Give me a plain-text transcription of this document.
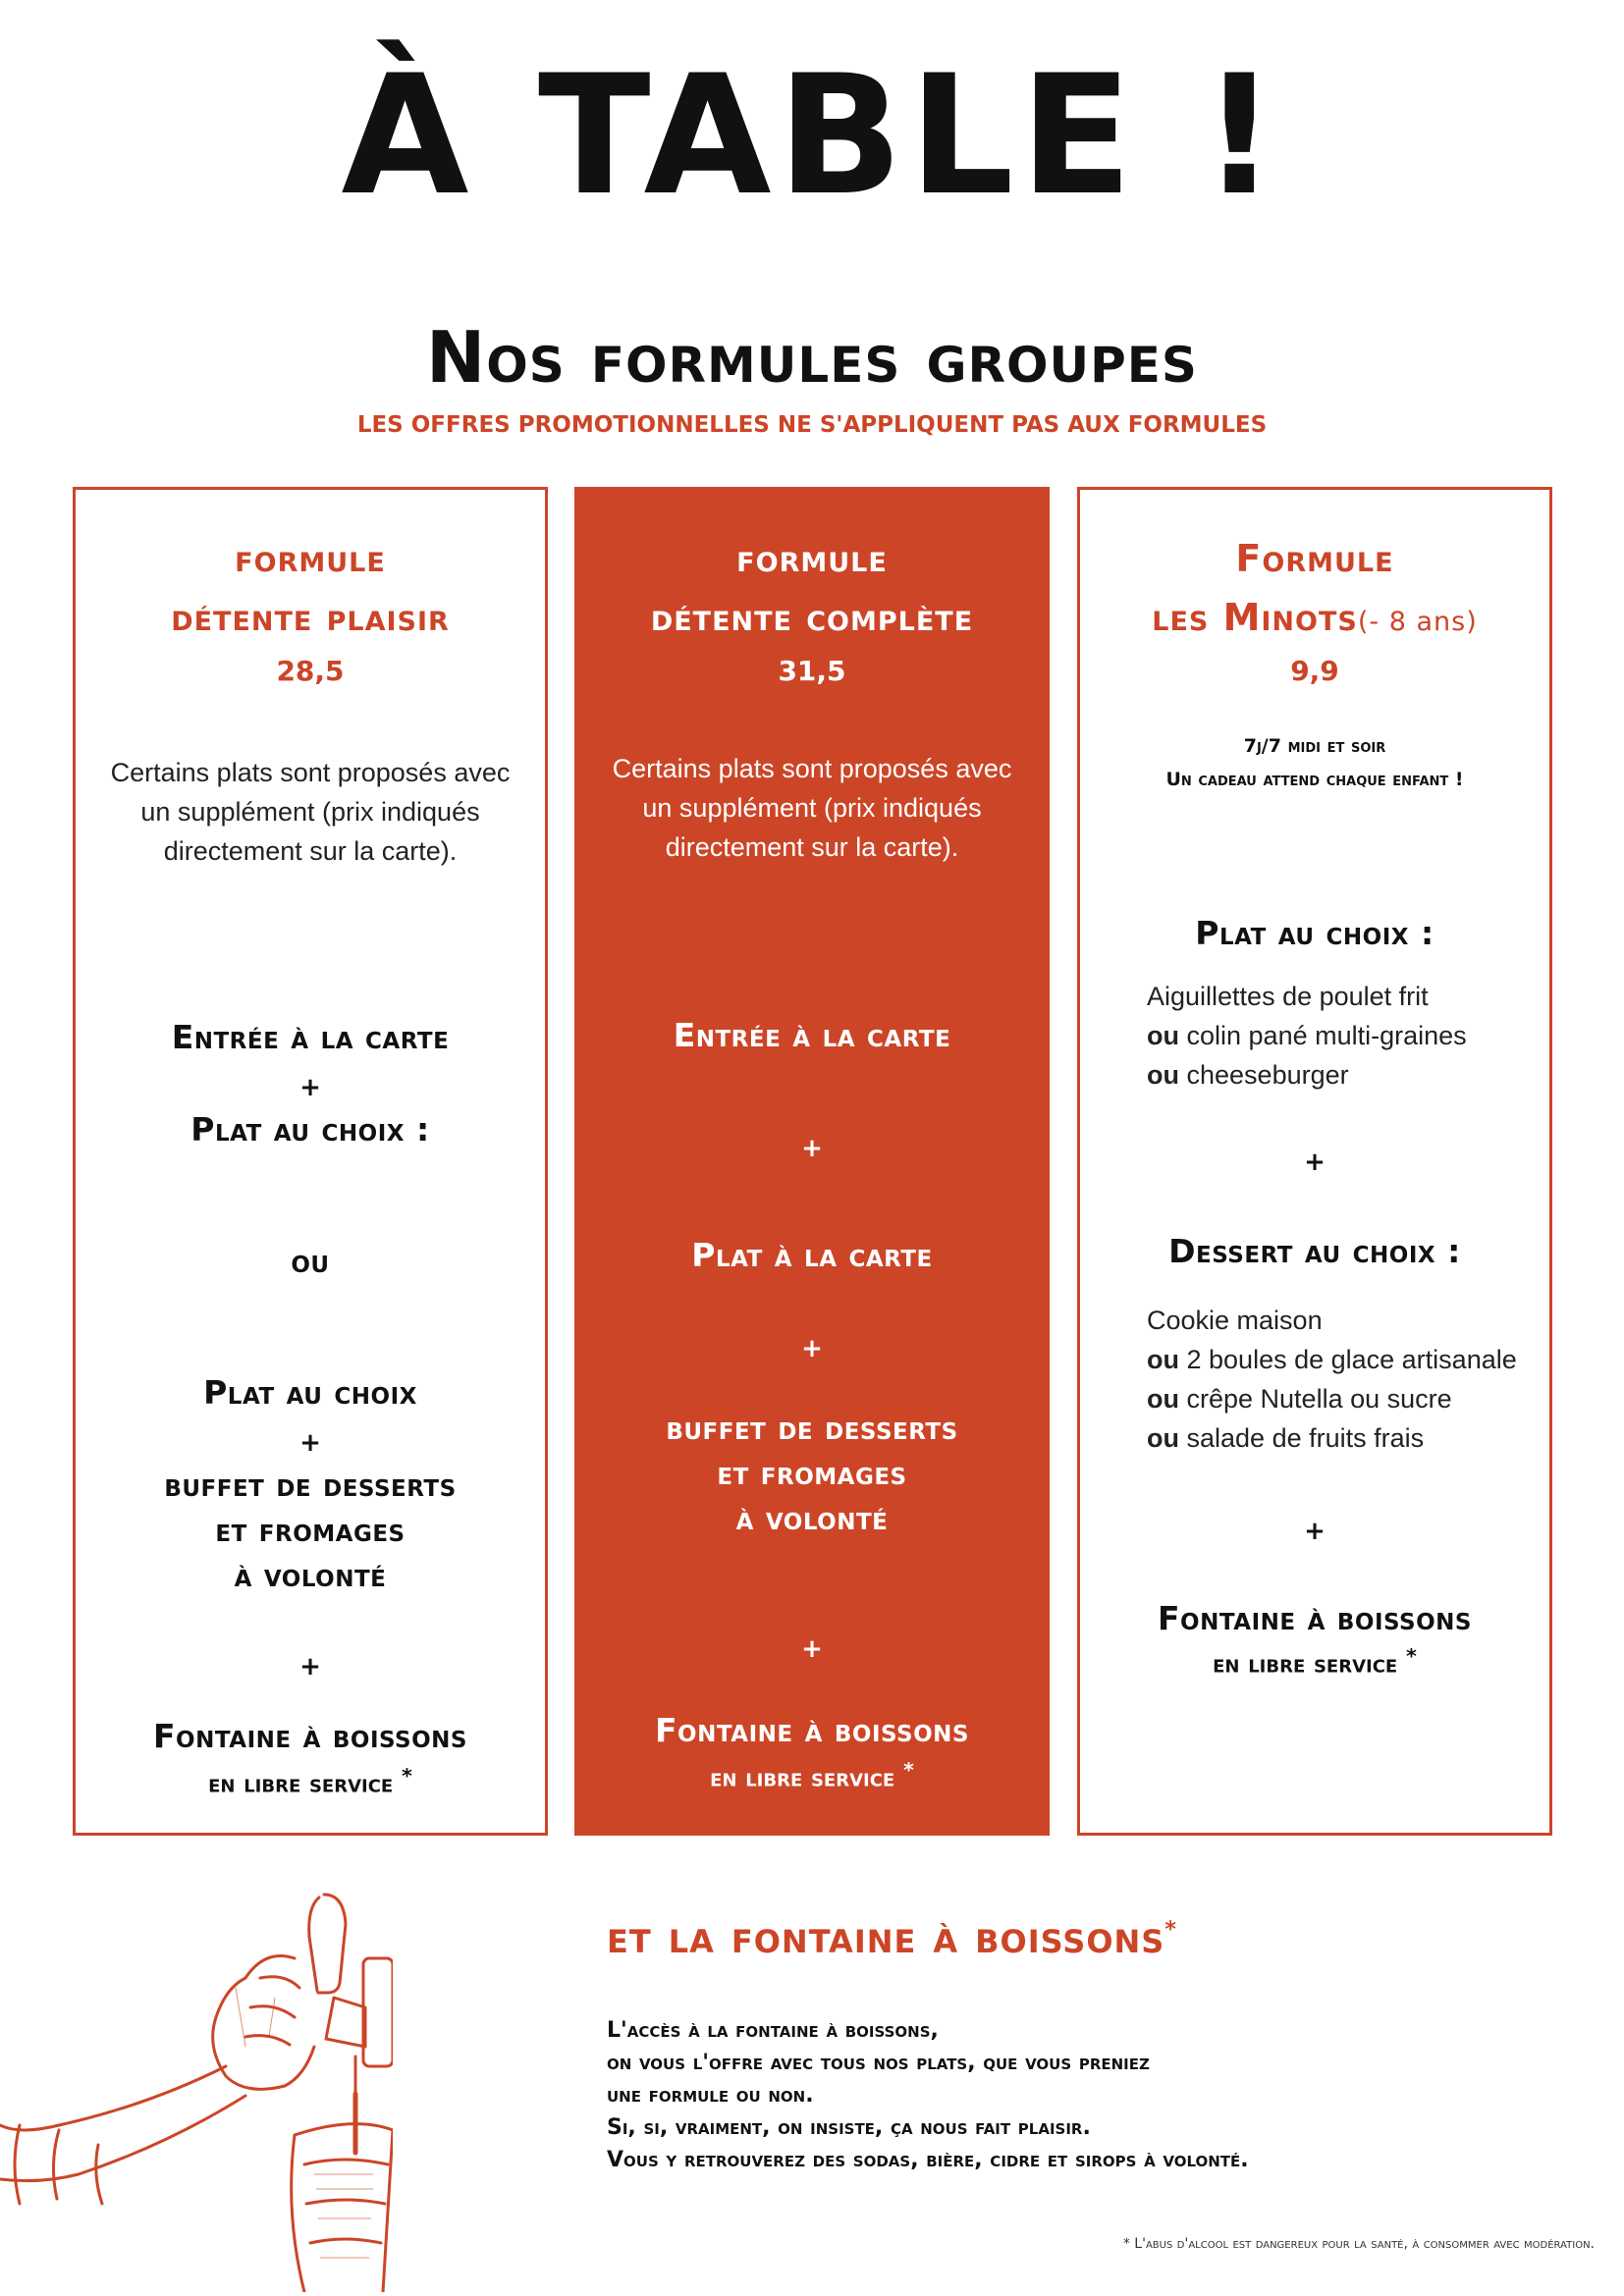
À TABLE !
Nos formules groupes
LES OFFRES PROMOTIONNELLES NE S'APPLIQUENT PAS AUX FORMULES
formule
détente plaisir
28,5
Certains plats sont proposés avec
un supplément (prix indiqués
directement sur la carte).
Entrée à la carte
+
Plat au choix :
ou
Plat au choix
+
buffet de desserts
et fromages
à volonté
+
Fontaine à boissons
en libre service *
formule
détente complète
31,5
Certains plats sont proposés avec
un supplément (prix indiqués
directement sur la carte).
Entrée à la carte
+
Plat à la carte
+
buffet de desserts
et fromages
à volonté
+
Fontaine à boissons
en libre service *
Formule
les Minots(- 8 ans)
9,9
7j/7 midi et soir
Un cadeau attend chaque enfant !
Plat au choix :
Aiguillettes de poulet frit
ou colin pané multi-graines
ou cheeseburger
+
Dessert au choix :
Cookie maison
ou 2 boules de glace artisanale
ou crêpe Nutella ou sucre
ou salade de fruits frais
+
Fontaine à boissons
en libre service *
et la fontaine à boissons*
L'accès à la fontaine à boissons,
on vous l'offre avec tous nos plats, que vous preniez
une formule ou non.
Si, si, vraiment, on insiste, ça nous fait plaisir.
Vous y retrouverez des sodas, bière, cidre et sirops à volonté.
* L'abus d'alcool est dangereux pour la santé, à consommer avec modération.
